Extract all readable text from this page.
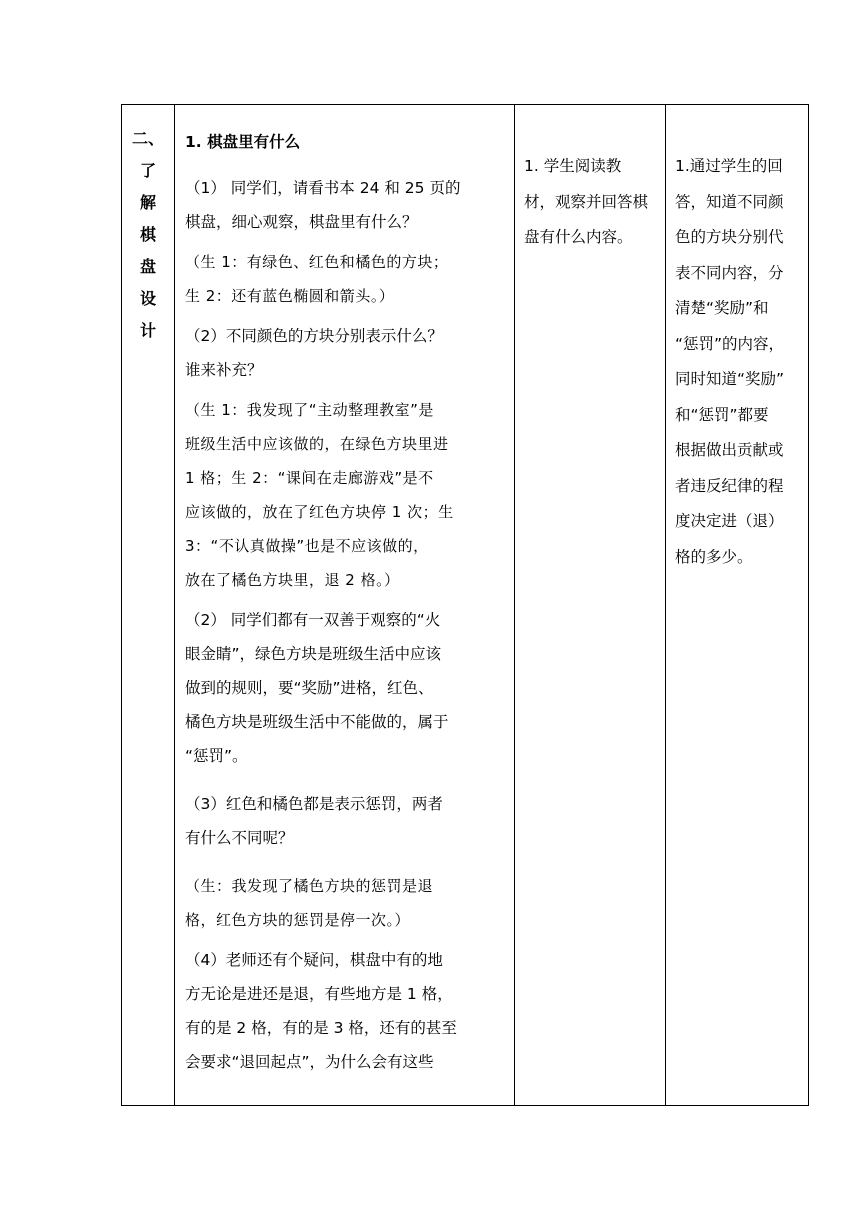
二、
了
解
棋
盘
设
计
1. 棋盘里有什么
（1） 同学们，请看书本 24 和 25 页的
棋盘，细心观察，棋盘里有什么？
（生 1：有绿色、红色和橘色的方块；
生 2：还有蓝色椭圆和箭头。）
（2）不同颜色的方块分别表示什么？
谁来补充？
（生 1：我发现了“主动整理教室”是
班级生活中应该做的，在绿色方块里进
1 格；生 2：“课间在走廊游戏”是不
应该做的，放在了红色方块停 1 次；生
3：“不认真做操”也是不应该做的，
放在了橘色方块里，退 2 格。）
（2） 同学们都有一双善于观察的“火
眼金睛”，绿色方块是班级生活中应该
做到的规则，要“奖励”进格，红色、
橘色方块是班级生活中不能做的，属于
“惩罚”。
（3）红色和橘色都是表示惩罚，两者
有什么不同呢？
（生：我发现了橘色方块的惩罚是退
格，红色方块的惩罚是停一次。）
（4）老师还有个疑问，棋盘中有的地
方无论是进还是退，有些地方是 1 格，
有的是 2 格，有的是 3 格，还有的甚至
会要求“退回起点”，为什么会有这些
1. 学生阅读教
材，观察并回答棋
盘有什么内容。
1.通过学生的回
答，知道不同颜
色的方块分别代
表不同内容，分
清楚“奖励”和
“惩罚”的内容，
同时知道“奖励”
和“惩罚”都要
根据做出贡献或
者违反纪律的程
度决定进（退）
格的多少。
